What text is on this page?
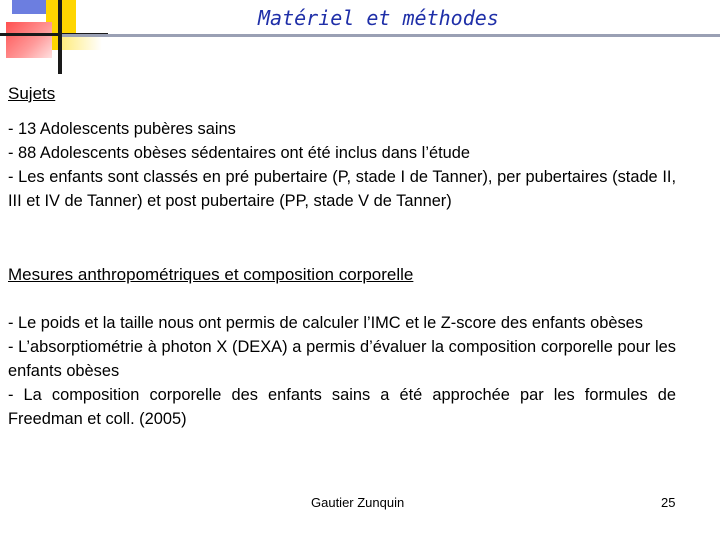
Matériel et méthodes
Sujets
- 13 Adolescents pubères sains
- 88 Adolescents obèses sédentaires ont été inclus dans l’étude
- Les enfants sont classés en pré pubertaire (P, stade I de Tanner), per pubertaires (stade II, III et IV de Tanner) et post pubertaire (PP, stade V de Tanner)
Mesures anthropométriques et composition corporelle
- Le poids et la taille nous ont permis de calculer l’IMC et le Z-score des enfants obèses
- L’absorptiométrie à photon X (DEXA) a permis d’évaluer la composition corporelle pour les enfants obèses
- La composition corporelle des enfants sains a été approchée par les formules de Freedman et coll. (2005)
Gautier Zunquin	25
